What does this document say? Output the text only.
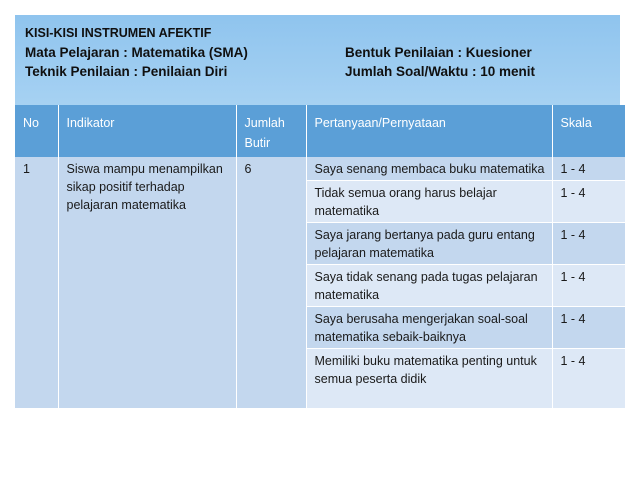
KISI-KISI INSTRUMEN AFEKTIF
Mata Pelajaran : Matematika (SMA)	Bentuk Penilaian : Kuesioner
Teknik Penilaian : Penilaian Diri	Jumlah Soal/Waktu : 10 menit
No	Indikator	Jumlah Butir	Pertanyaan/Pernyataan	Skala
1	Siswa mampu menampilkan sikap positif terhadap pelajaran matematika	6	Saya senang membaca buku matematika	1 - 4
			Tidak semua orang harus belajar matematika	1 - 4
			Saya jarang bertanya pada guru entang pelajaran matematika	1 - 4
			Saya tidak senang pada tugas pelajaran matematika	1 - 4
			Saya berusaha mengerjakan soal-soal matematika sebaik-baiknya	1 - 4
			Memiliki buku matematika penting untuk semua peserta didik	1 - 4
